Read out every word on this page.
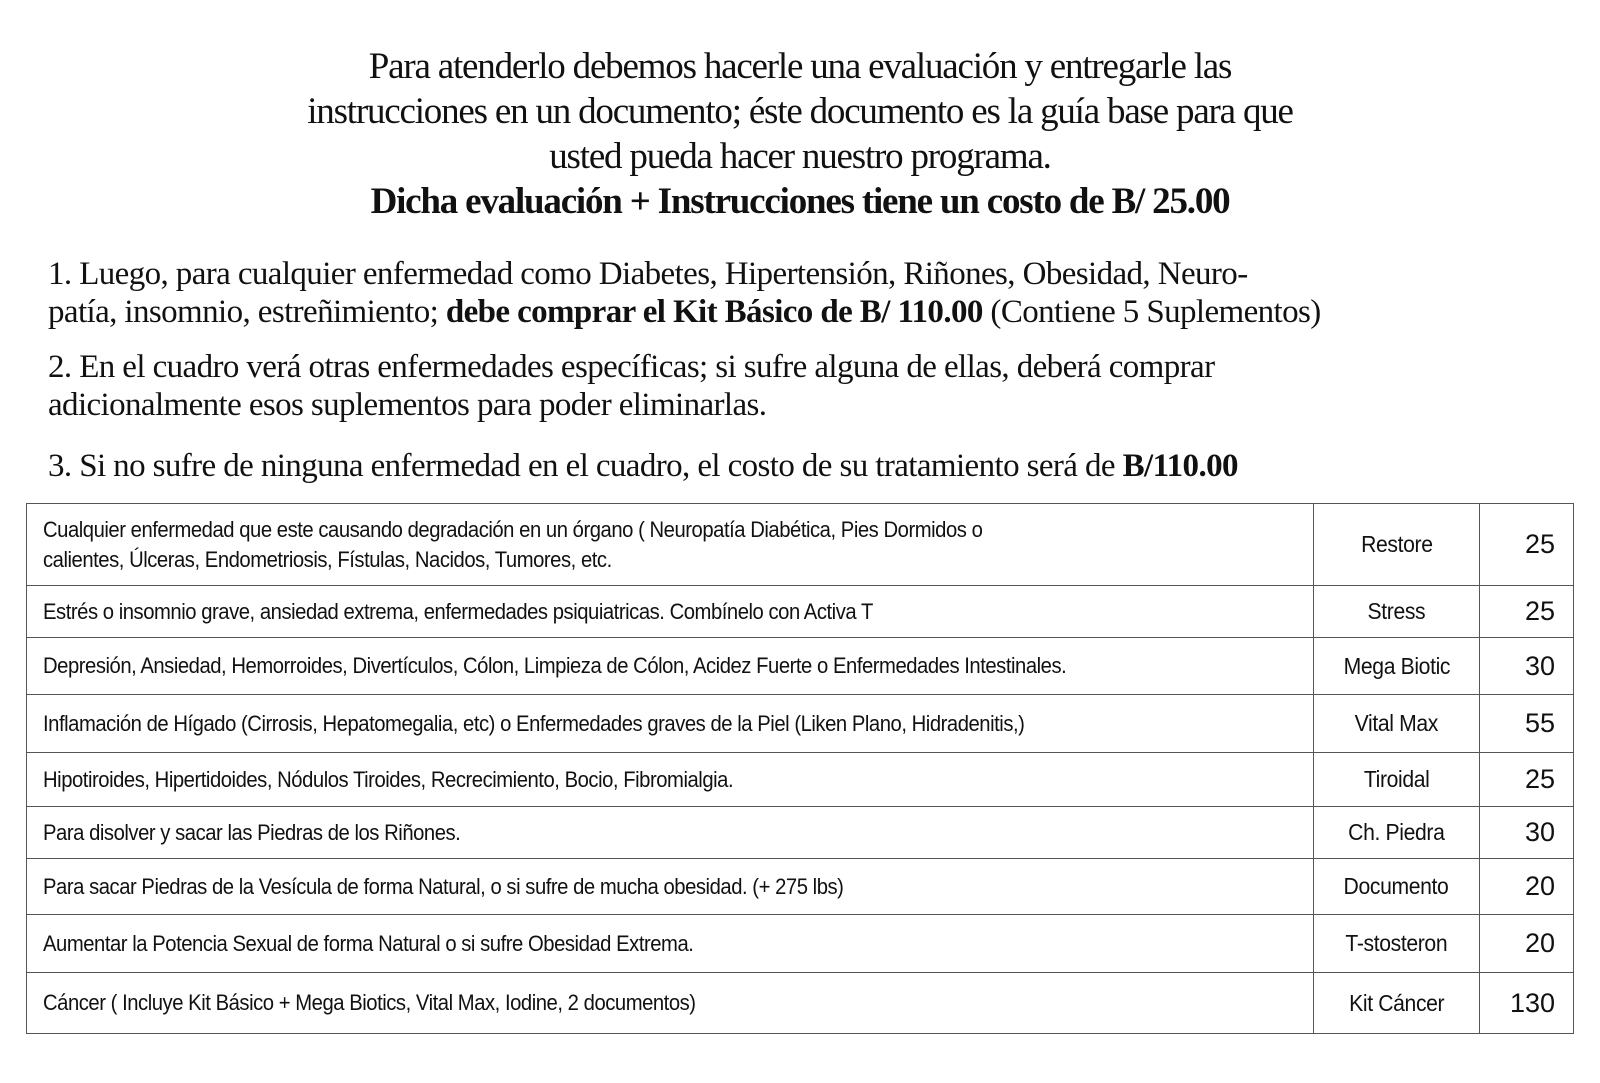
Para atenderlo debemos hacerle una evaluación y entregarle las
instrucciones en un documento; éste documento es la guía base para que
usted pueda hacer nuestro programa.
Dicha evaluación + Instrucciones tiene un costo de B/ 25.00
1. Luego, para cualquier enfermedad como Diabetes, Hipertensión, Riñones, Obesidad, Neuro-
patía, insomnio, estreñimiento; debe comprar el Kit Básico de B/ 110.00 (Contiene 5 Suplementos)
2. En el cuadro verá otras enfermedades específicas; si sufre alguna de ellas, deberá comprar
adicionalmente esos suplementos para poder eliminarlas.
3. Si no sufre de ninguna enfermedad en el cuadro, el costo de su tratamiento será de B/110.00
Cualquier enfermedad que este causando degradación en un órgano ( Neuropatía Diabética, Pies Dormidos o
calientes, Úlceras, Endometriosis, Fístulas, Nacidos, Tumores, etc.	Restore	25
Estrés o insomnio grave, ansiedad extrema, enfermedades psiquiatricas. Combínelo con Activa T	Stress	25
Depresión, Ansiedad, Hemorroides, Divertículos, Cólon, Limpieza de Cólon, Acidez Fuerte o Enfermedades Intestinales.	Mega Biotic	30
Inflamación de Hígado (Cirrosis, Hepatomegalia, etc) o Enfermedades graves de la Piel (Liken Plano, Hidradenitis,)	Vital Max	55
Hipotiroides, Hipertidoides, Nódulos Tiroides, Recrecimiento, Bocio, Fibromialgia.	Tiroidal	25
Para disolver y sacar las Piedras de los Riñones.	Ch. Piedra	30
Para sacar Piedras de la Vesícula de forma Natural, o si sufre de mucha obesidad. (+ 275 lbs)	Documento	20
Aumentar la Potencia Sexual de forma Natural o si sufre Obesidad Extrema.	T-stosteron	20
Cáncer ( Incluye Kit Básico + Mega Biotics, Vital Max, Iodine, 2 documentos)	Kit Cáncer	130
